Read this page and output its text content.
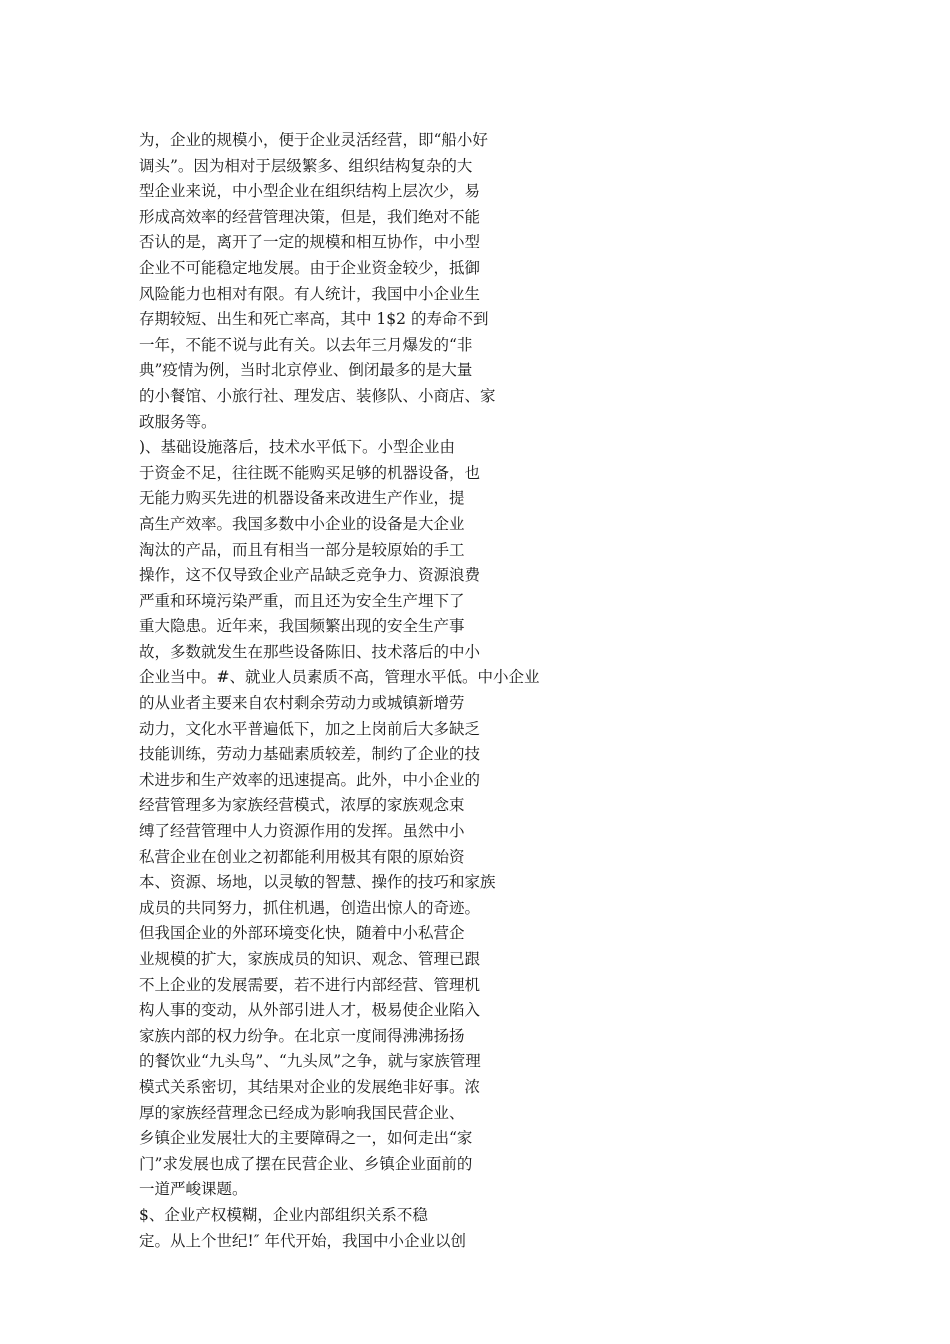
为，企业的规模小，便于企业灵活经营，即“船小好
调头”。因为相对于层级繁多、组织结构复杂的大
型企业来说，中小型企业在组织结构上层次少，易
形成高效率的经营管理决策，但是，我们绝对不能
否认的是，离开了一定的规模和相互协作，中小型
企业不可能稳定地发展。由于企业资金较少，抵御
风险能力也相对有限。有人统计，我国中小企业生
存期较短、出生和死亡率高，其中 1$2 的寿命不到
一年，不能不说与此有关。以去年三月爆发的“非
典”疫情为例，当时北京停业、倒闭最多的是大量
的小餐馆、小旅行社、理发店、装修队、小商店、家
政服务等。
)、基础设施落后，技术水平低下。小型企业由
于资金不足，往往既不能购买足够的机器设备，也
无能力购买先进的机器设备来改进生产作业，提
高生产效率。我国多数中小企业的设备是大企业
淘汰的产品，而且有相当一部分是较原始的手工
操作，这不仅导致企业产品缺乏竞争力、资源浪费
严重和环境污染严重，而且还为安全生产埋下了
重大隐患。近年来，我国频繁出现的安全生产事
故，多数就发生在那些设备陈旧、技术落后的中小
企业当中。#、就业人员素质不高，管理水平低。中小企业
的从业者主要来自农村剩余劳动力或城镇新增劳
动力，文化水平普遍低下，加之上岗前后大多缺乏
技能训练，劳动力基础素质较差，制约了企业的技
术进步和生产效率的迅速提高。此外，中小企业的
经营管理多为家族经营模式，浓厚的家族观念束
缚了经营管理中人力资源作用的发挥。虽然中小
私营企业在创业之初都能利用极其有限的原始资
本、资源、场地，以灵敏的智慧、操作的技巧和家族
成员的共同努力，抓住机遇，创造出惊人的奇迹。
但我国企业的外部环境变化快，随着中小私营企
业规模的扩大，家族成员的知识、观念、管理已跟
不上企业的发展需要，若不进行内部经营、管理机
构人事的变动，从外部引进人才，极易使企业陷入
家族内部的权力纷争。在北京一度闹得沸沸扬扬
的餐饮业“九头鸟”、“九头凤”之争，就与家族管理
模式关系密切，其结果对企业的发展绝非好事。浓
厚的家族经营理念已经成为影响我国民营企业、
乡镇企业发展壮大的主要障碍之一，如何走出“家
门”求发展也成了摆在民营企业、乡镇企业面前的
一道严峻课题。
$、企业产权模糊，企业内部组织关系不稳
定。从上个世纪!″ 年代开始，我国中小企业以创
